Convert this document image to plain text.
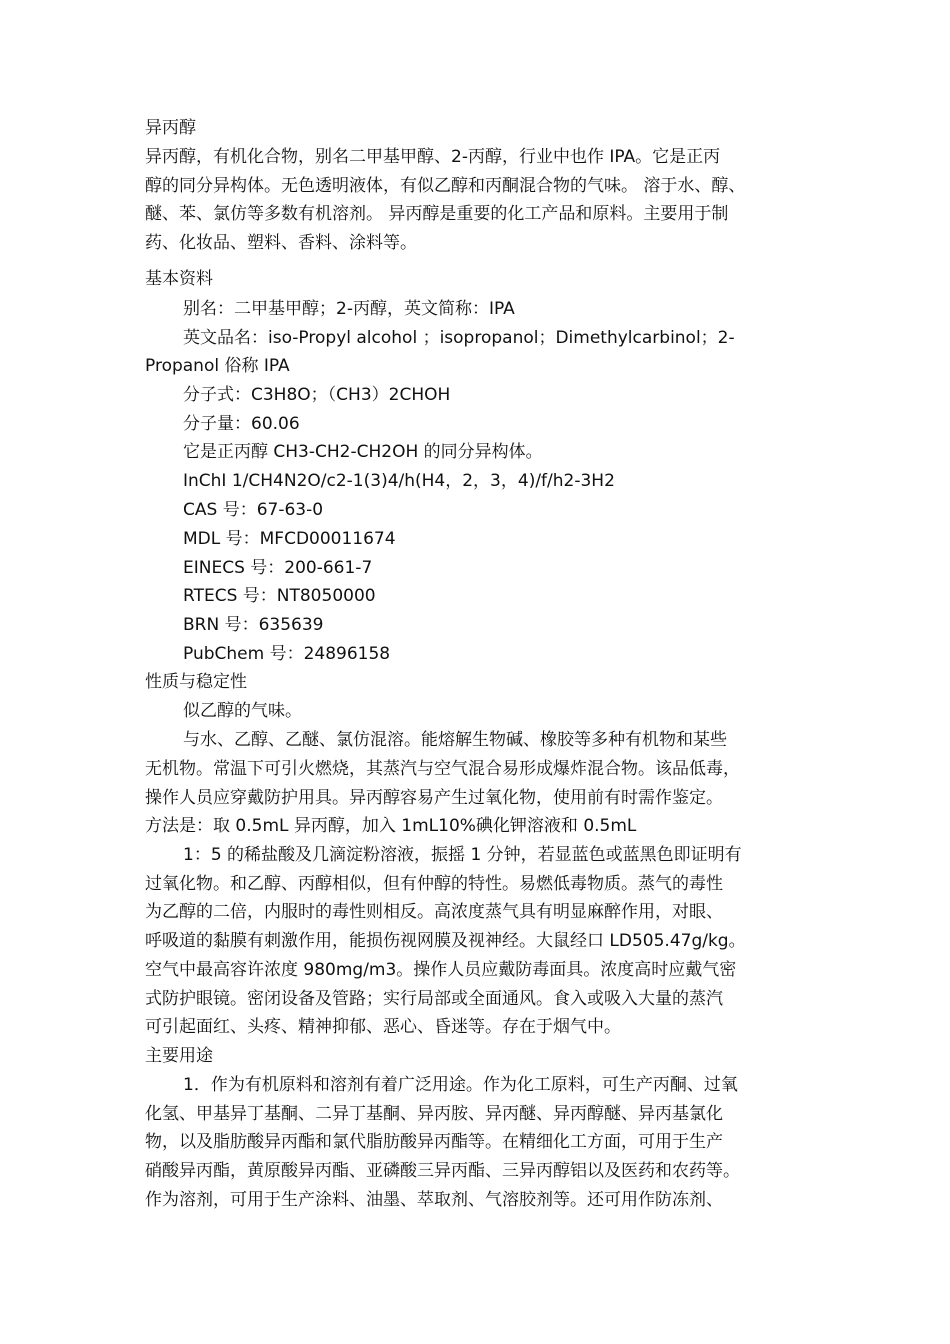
异丙醇
异丙醇，有机化合物，别名二甲基甲醇、2-丙醇，行业中也作 IPA。它是正丙
醇的同分异构体。无色透明液体，有似乙醇和丙酮混合物的气味。 溶于水、醇、
醚、苯、氯仿等多数有机溶剂。 异丙醇是重要的化工产品和原料。主要用于制
药、化妆品、塑料、香料、涂料等。
基本资料
别名：二甲基甲醇；2-丙醇，英文简称：IPA
英文品名：iso-Propyl alcohol ；isopropanol；Dimethylcarbinol；2-
Propanol 俗称 IPA
分子式：C3H8O；（CH3）2CHOH
分子量：60.06
它是正丙醇 CH3-CH2-CH2OH 的同分异构体。
InChI 1/CH4N2O/c2-1(3)4/h(H4，2，3，4)/f/h2-3H2
CAS 号：67-63-0
MDL 号：MFCD00011674
EINECS 号：200-661-7
RTECS 号：NT8050000
BRN 号：635639
PubChem 号：24896158
性质与稳定性
似乙醇的气味。
与水、乙醇、乙醚、氯仿混溶。能熔解生物碱、橡胶等多种有机物和某些
无机物。常温下可引火燃烧，其蒸汽与空气混合易形成爆炸混合物。该品低毒，
操作人员应穿戴防护用具。异丙醇容易产生过氧化物，使用前有时需作鉴定。
方法是：取 0.5mL 异丙醇，加入 1mL10%碘化钾溶液和 0.5mL
1：5 的稀盐酸及几滴淀粉溶液，振摇 1 分钟，若显蓝色或蓝黑色即证明有
过氧化物。和乙醇、丙醇相似，但有仲醇的特性。易燃低毒物质。蒸气的毒性
为乙醇的二倍，内服时的毒性则相反。高浓度蒸气具有明显麻醉作用，对眼、
呼吸道的黏膜有刺激作用，能损伤视网膜及视神经。大鼠经口 LD505.47g/kg。
空气中最高容许浓度 980mg/m3。操作人员应戴防毒面具。浓度高时应戴气密
式防护眼镜。密闭设备及管路；实行局部或全面通风。食入或吸入大量的蒸汽
可引起面红、头疼、精神抑郁、恶心、昏迷等。存在于烟气中。
主要用途
1．作为有机原料和溶剂有着广泛用途。作为化工原料，可生产丙酮、过氧
化氢、甲基异丁基酮、二异丁基酮、异丙胺、异丙醚、异丙醇醚、异丙基氯化
物，以及脂肪酸异丙酯和氯代脂肪酸异丙酯等。在精细化工方面，可用于生产
硝酸异丙酯，黄原酸异丙酯、亚磷酸三异丙酯、三异丙醇铝以及医药和农药等。
作为溶剂，可用于生产涂料、油墨、萃取剂、气溶胶剂等。还可用作防冻剂、
